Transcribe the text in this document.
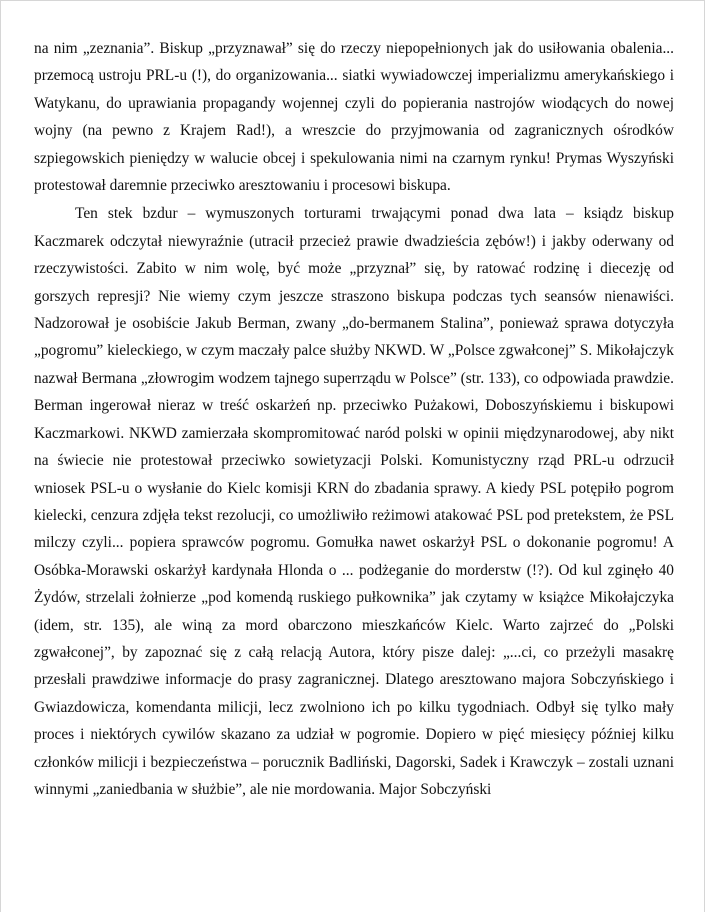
na nim „zeznania”. Biskup „przyznawał” się do rzeczy niepopełnionych jak do usiłowania obalenia... przemocą ustroju PRL-u (!), do organizowania... siatki wywiadowczej imperializmu amerykańskiego i Watykanu, do uprawiania propagandy wojennej czyli do popierania nastrojów wiodących do nowej wojny (na pewno z Krajem Rad!), a wreszcie do przyjmowania od zagranicznych ośrodków szpiegowskich pieniędzy w walucie obcej i spekulowania nimi na czarnym rynku! Prymas Wyszyński protestował daremnie przeciwko aresztowaniu i procesowi biskupa.

Ten stek bzdur – wymuszonych torturami trwającymi ponad dwa lata – ksiądz biskup Kaczmarek odczytał niewyraźnie (utracił przecież prawie dwadzieścia zębów!) i jakby oderwany od rzeczywistości. Zabito w nim wolę, być może „przyznał” się, by ratować rodzinę i diecezję od gorszych represji? Nie wiemy czym jeszcze straszono biskupa podczas tych seansów nienawiści. Nadzorował je osobiście Jakub Berman, zwany „do-bermanem Stalina”, ponieważ sprawa dotyczyła „pogromu” kieleckiego, w czym maczały palce służby NKWD. W „Polsce zgwałconej” S. Mikołajczyk nazwał Bermana „złowrogim wodzem tajnego superrządu w Polsce” (str. 133), co odpowiada prawdzie. Berman ingerował nieraz w treść oskarżeń np. przeciwko Pużakowi, Doboszyńskiemu i biskupowi Kaczmarkowi. NKWD zamierzała skompromitować naród polski w opinii międzynarodowej, aby nikt na świecie nie protestował przeciwko sowietyzacji Polski. Komunistyczny rząd PRL-u odrzucił wniosek PSL-u o wysłanie do Kielc komisji KRN do zbadania sprawy. A kiedy PSL potępiło pogrom kielecki, cenzura zdjęła tekst rezolucji, co umożliwiło reżimowi atakować PSL pod pretekstem, że PSL milczy czyli... popiera sprawców pogromu. Gomułka nawet oskarżył PSL o dokonanie pogromu! A Osóbka-Morawski oskarżył kardynała Hlonda o ... podżeganie do morderstw (!?). Od kul zginęło 40 Żydów, strzelali żołnierze „pod komendą ruskiego pułkownika” jak czytamy w książce Mikołajczyka (idem, str. 135), ale winą za mord obarczono mieszkańców Kielc. Warto zajrzeć do „Polski zgwałconej”, by zapoznać się z całą relacją Autora, który pisze dalej: „...ci, co przeżyli masakrę przesłali prawdziwe informacje do prasy zagranicznej. Dlatego aresztowano majora Sobczyńskiego i Gwiazdowicza, komendanta milicji, lecz zwolniono ich po kilku tygodniach. Odbył się tylko mały proces i niektórych cywilów skazano za udział w pogromie. Dopiero w pięć miesięcy później kilku członków milicji i bezpieczeństwa – porucznik Badliński, Dagorski, Sadek i Krawczyk – zostali uznani winnymi „zaniedbania w służbie”, ale nie mordowania. Major Sobczyński
